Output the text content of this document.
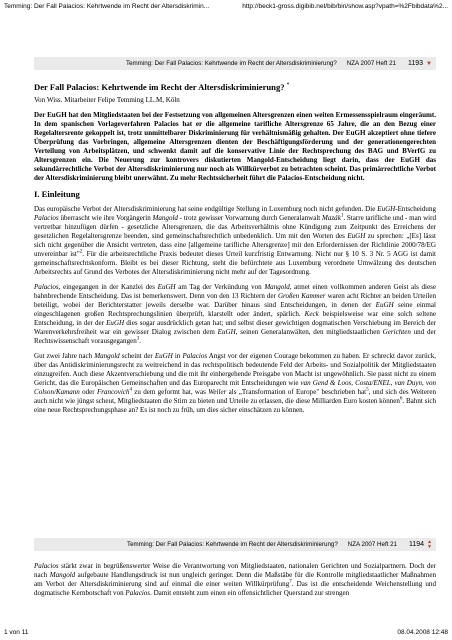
Temming: Der Fall Palacios: Kehrtwende im Recht der Altersdiskrimin...	http://beck1-gross.digibib.net/bib/bin/show.asp?vpath=%2Fbibdata%2...
Temming: Der Fall Palacios: Kehrtwende im Recht der Altersdiskriminierung? NZA 2007 Heft 21 1193 ▼
Der Fall Palacios: Kehrtwende im Recht der Altersdiskriminierung? *

Von Wiss. Mitarbeiter Felipe Temming LL.M, Köln

Der EuGH hat den Mitgliedstaaten bei der Festsetzung von allgemeinen Altersgrenzen einen weiten Ermessensspielraum eingeräumt. In dem spanischen Vorlageverfahren Palacios hat er die allgemeine tarifliche Altersgrenze 65 Jahre, die an den Bezug einer Regelaltersrente gekoppelt ist, trotz unmittelbarer Diskriminierung für verhältnismäßig gehalten. Der EuGH akzeptiert ohne tiefere Überprüfung das Vorbringen, allgemeine Altersgrenzen dienten der Beschäftigungsförderung und der generationengerechten Verteilung von Arbeitsplätzen, und schwenkt damit auf die konservative Linie der Rechtsprechung des BAG und BVerfG zu Altersgrenzen ein. Die Neuerung zur kontrovers diskutierten Mangold-Entscheidung liegt darin, dass der EuGH das sekundärrechtliche Verbot der Altersdiskriminierung nur noch als Willkürverbot zu betrachten scheint. Das primärrechtliche Verbot der Altersdiskriminierung bleibt unerwähnt. Zu mehr Rechtssicherheit führt die Palacios-Entscheidung nicht.

I. Einleitung

Das europäische Verbot der Altersdiskriminierung hat seine endgültige Stellung in Luxemburg noch nicht gefunden. Die EuGH-Entscheidung Palacios überrascht wie ihre Vorgängerin Mangold - trotz gewisser Vorwarnung durch Generalanwalt Mazák$^1$. Starre tarifliche und - man wird vertretbar hinzufügen dürfen - gesetzliche Altersgrenzen, die das Arbeitsverhältnis ohne Kündigung zum Zeitpunkt des Erreichens der gesetzlichen Regelaltersgrenze beenden, sind gemeinschaftsrechtlich unbedenklich. Um mit den Worten des EuGH zu sprechen: „[Es] lässt sich nicht gegenüber die Ansicht vertreten, dass eine [allgemeine tarifliche Altersgrenze] mit den Erfordernissen der Richtlinie 2000/78/EG unvereinbar ist"$^2$. Für die arbeitsrechtliche Praxis bedeutet dieses Urteil kurzfristig Entwarnung. Nicht nur § 10 S. 3 Nr. 5 AGG ist damit gemeinschaftsrechtskonform. Bleibt es bei dieser Richtung, steht die befürchtete aus Luxemburg verordnete Umwälzung des deutschen Arbeitsrechts auf Grund des Verbotes der Altersdiskriminierung nicht mehr auf der Tagesordnung.

Palacios, eingegangen in der Kanzlei des EuGH am Tag der Verkündung von Mangold, atmet einen vollkommen anderen Geist als diese bahnbrechende Entscheidung. Das ist bemerkenswert. Denn von den 13 Richtern der Großen Kammer waren acht Richter an beiden Urteilen beteiligt, wobei der Berichterstatter jeweils derselbe war. Darüber hinaus sind Entscheidungen, in denen der EuGH seine einmal eingeschlagenen großen Rechtsprechungslinien überprüft, klarstellt oder ändert, spärlich. Keck beispielsweise war eine solch seltene Entscheidung, in der der EuGH dies sogar ausdrücklich getan hat; und selbst dieser gewichtigen dogmatischen Verschiebung im Bereich der Warenverkehrsfreiheit war ein gewisser Dialog zwischen dem EuGH, seinen Generalanwälten, den mitgliedstaatlichen Gerichten und der Rechtswissenschaft vorausgegangen$^3$.

Gut zwei Jahre nach Mangold scheint der EuGH in Palacios Angst vor der eigenen Courage bekommen zu haben. Er schreckt davor zurück, über das Antidiskriminierungsrecht zu weitreichend in das rechtspolitisch bedeutende Feld der Arbeits- und Sozialpolitik der Mitgliedstaaten einzugreifen. Auch diese Akzentverschiebung und die mit ihr einhergehende Preisgabe von Macht ist ungewöhnlich. Sie passt nicht zu einem Gericht, das die Europäischen Gemeinschaften und das Europarecht mit Entscheidungen wie van Gend & Loos, Costa/ENEL, van Duyn, von Colson/Kamann oder Francovich$^4$ zu dem geformt hat, was Weiler als „Transformation of Europe" beschrieben hat$^5$, und sich des Weiteren auch nicht wie jüngst scheut, Mitgliedstaaten die Stirn zu bieten und Urteile zu erlassen, die diese Milliarden Euro kosten können$^6$. Bahnt sich eine neue Rechtsprechungsphase an? Es ist noch zu früh, um dies sicher einschätzen zu können.

Temming: Der Fall Palacios: Kehrtwende im Recht der Altersdiskriminierung? NZA 2007 Heft 21 1194 ▲
▼

Palacios stärkt zwar in begrüßenswerter Weise die Verantwortung von Mitgliedstaaten, nationalen Gerichten und Sozialpartnern. Doch der nach Mangold aufgebaute Handlungsdruck ist nun ungleich geringer. Denn die Maßstäbe für die Kontrolle mitgliedstaatlicher Maßnahmen am Verbot der Altersdiskriminierung sind auf einmal die einer weiten Willkürprüfung$^7$. Das ist die entscheidende Weichenstellung und dogmatische Kernbotschaft von Palacios. Damit entsteht zum einen ein offensichtlicher Querstand zur strengen

1 von 11	08.04.2008 12:48
